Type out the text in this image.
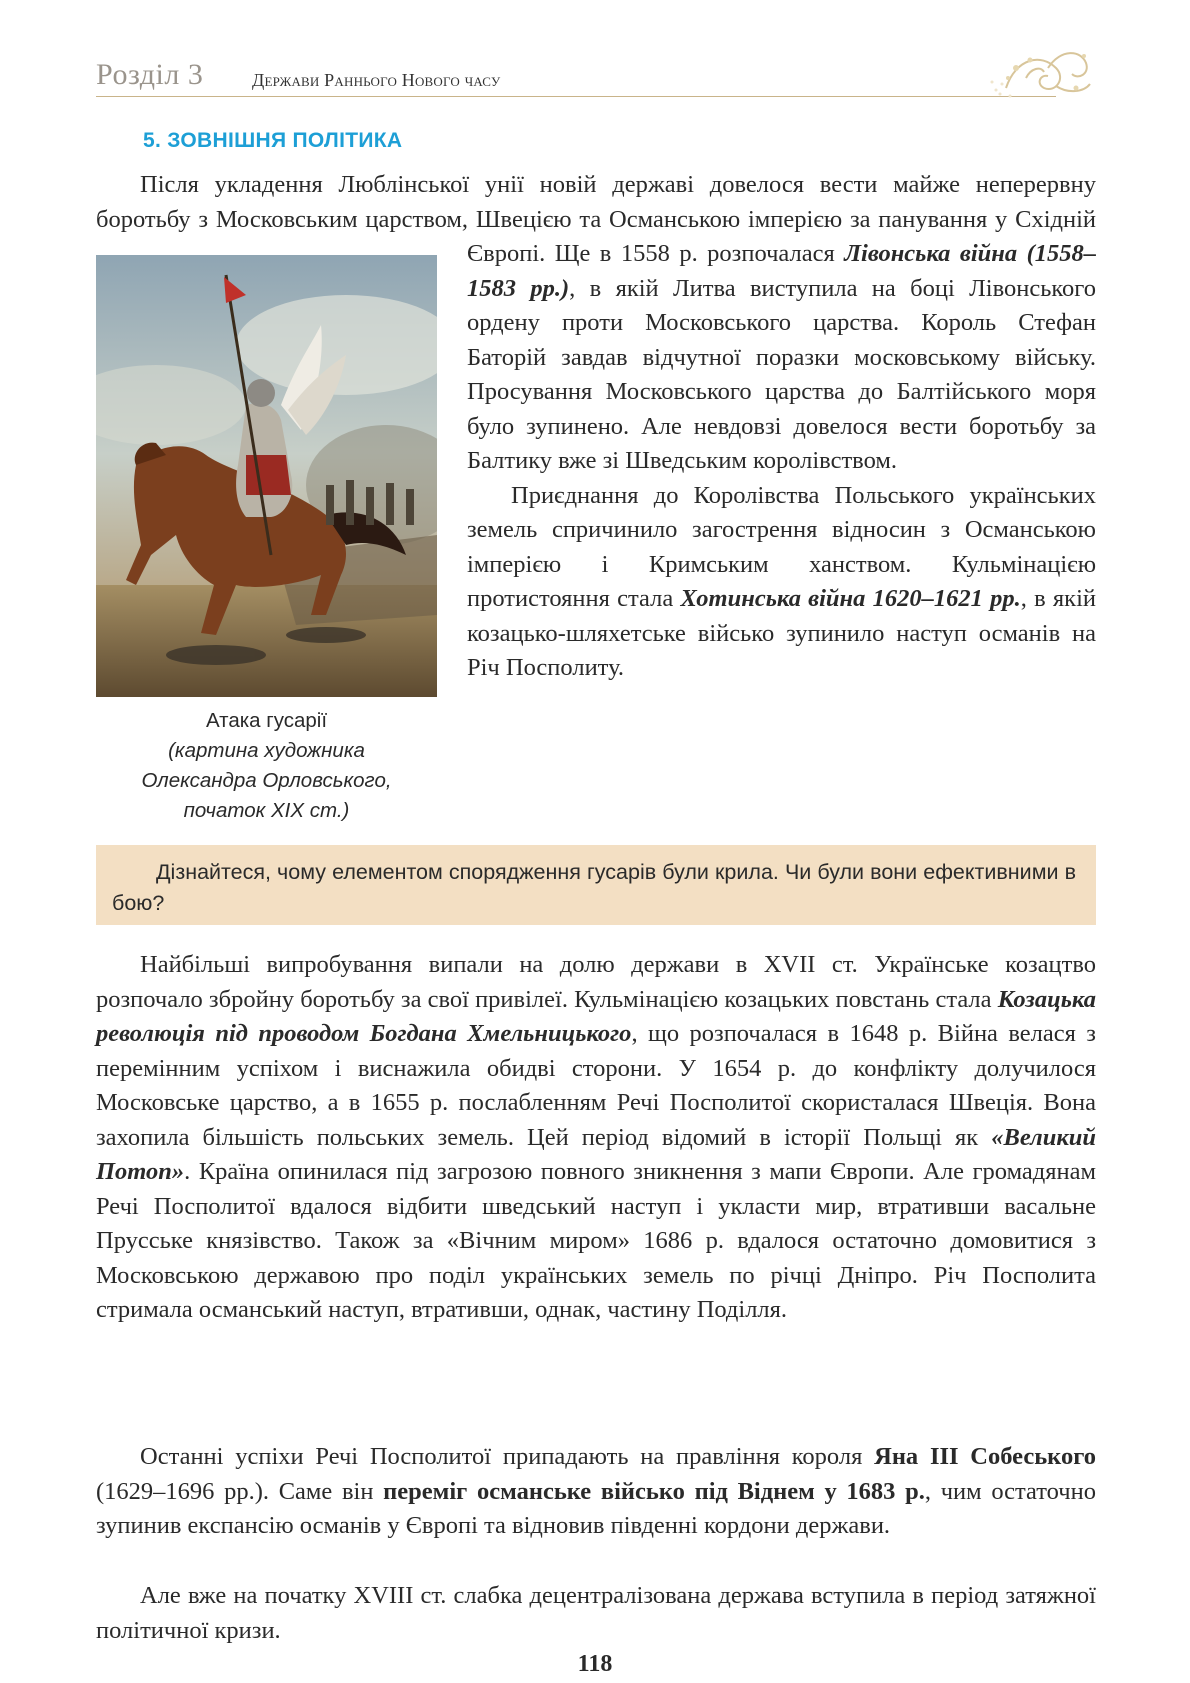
Розділ 3	Держави Раннього Нового часу
5. ЗОВНІШНЯ ПОЛІТИКА
Атака гусарії
(картина художника
Олександра Орловського,
початок XIX ст.)

Найбільші випробування випали на долю держави в XVII ст. Українське козацтво розпочало збройну боротьбу за свої привілеї. Кульмінацією козацьких повстань стала Козацька революція під проводом Богдана Хмельницького, що розпочалася в 1648 р. Війна велася з перемінним успіхом і виснажила обидві сторони. У 1654 р. до конфлікту долучилося Московське царство, а в 1655 р. послабленням Речі Посполитої скористалася Швеція. Вона захопила більшість польських земель. Цей період відомий в історії Польщі як «Великий Потоп». Країна опинилася під загрозою повного зникнення з мапи Європи. Але громадянам Речі Посполитої вдалося відбити шведський наступ і укласти мир, втративши васальне Прусське князівство. Також за «Вічним миром» 1686 р. вдалося остаточно домовитися з Московською державою про поділ українських земель по річці Дніпро. Річ Посполита стримала османський наступ, втративши, однак, частину Поділля.

Останні успіхи Речі Посполитої припадають на правління короля Яна III Собеського (1629–1696 рр.). Саме він переміг османське військо під Віднем у 1683 р., чим остаточно зупинив експансію османів у Європі та відновив південні кордони держави.

Але вже на початку XVIII ст. слабка децентралізована держава вступила в період затяжної політичної кризи.

Дізнайтеся, чому елементом спорядження гусарів були крила. Чи були вони ефективними в бою?
118

Після укладення Люблінської унії новій державі довелося вести майже неперервну боротьбу з Московським царством, Швецією та Османською імперією за панування у Східній Європі. Ще в 1558 р. розпочалася Лівонська війна (1558–1583 рр.), в якій Литва виступила на боці Лівонського ордену проти Московського царства. Король Стефан Баторій завдав відчутної поразки московському війську. Просування Московського царства до Балтійського моря було зупинено. Але невдовзі довелося вести боротьбу за Балтику вже зі Шведським королівством.

Приєднання до Королівства Польського українських земель спричинило загострення відносин з Османською імперією і Кримським ханством. Кульмінацією протистояння стала Хотинська війна 1620–1621 рр., в якій козацько-шляхетське військо зупинило наступ османів на Річ Посполиту.
